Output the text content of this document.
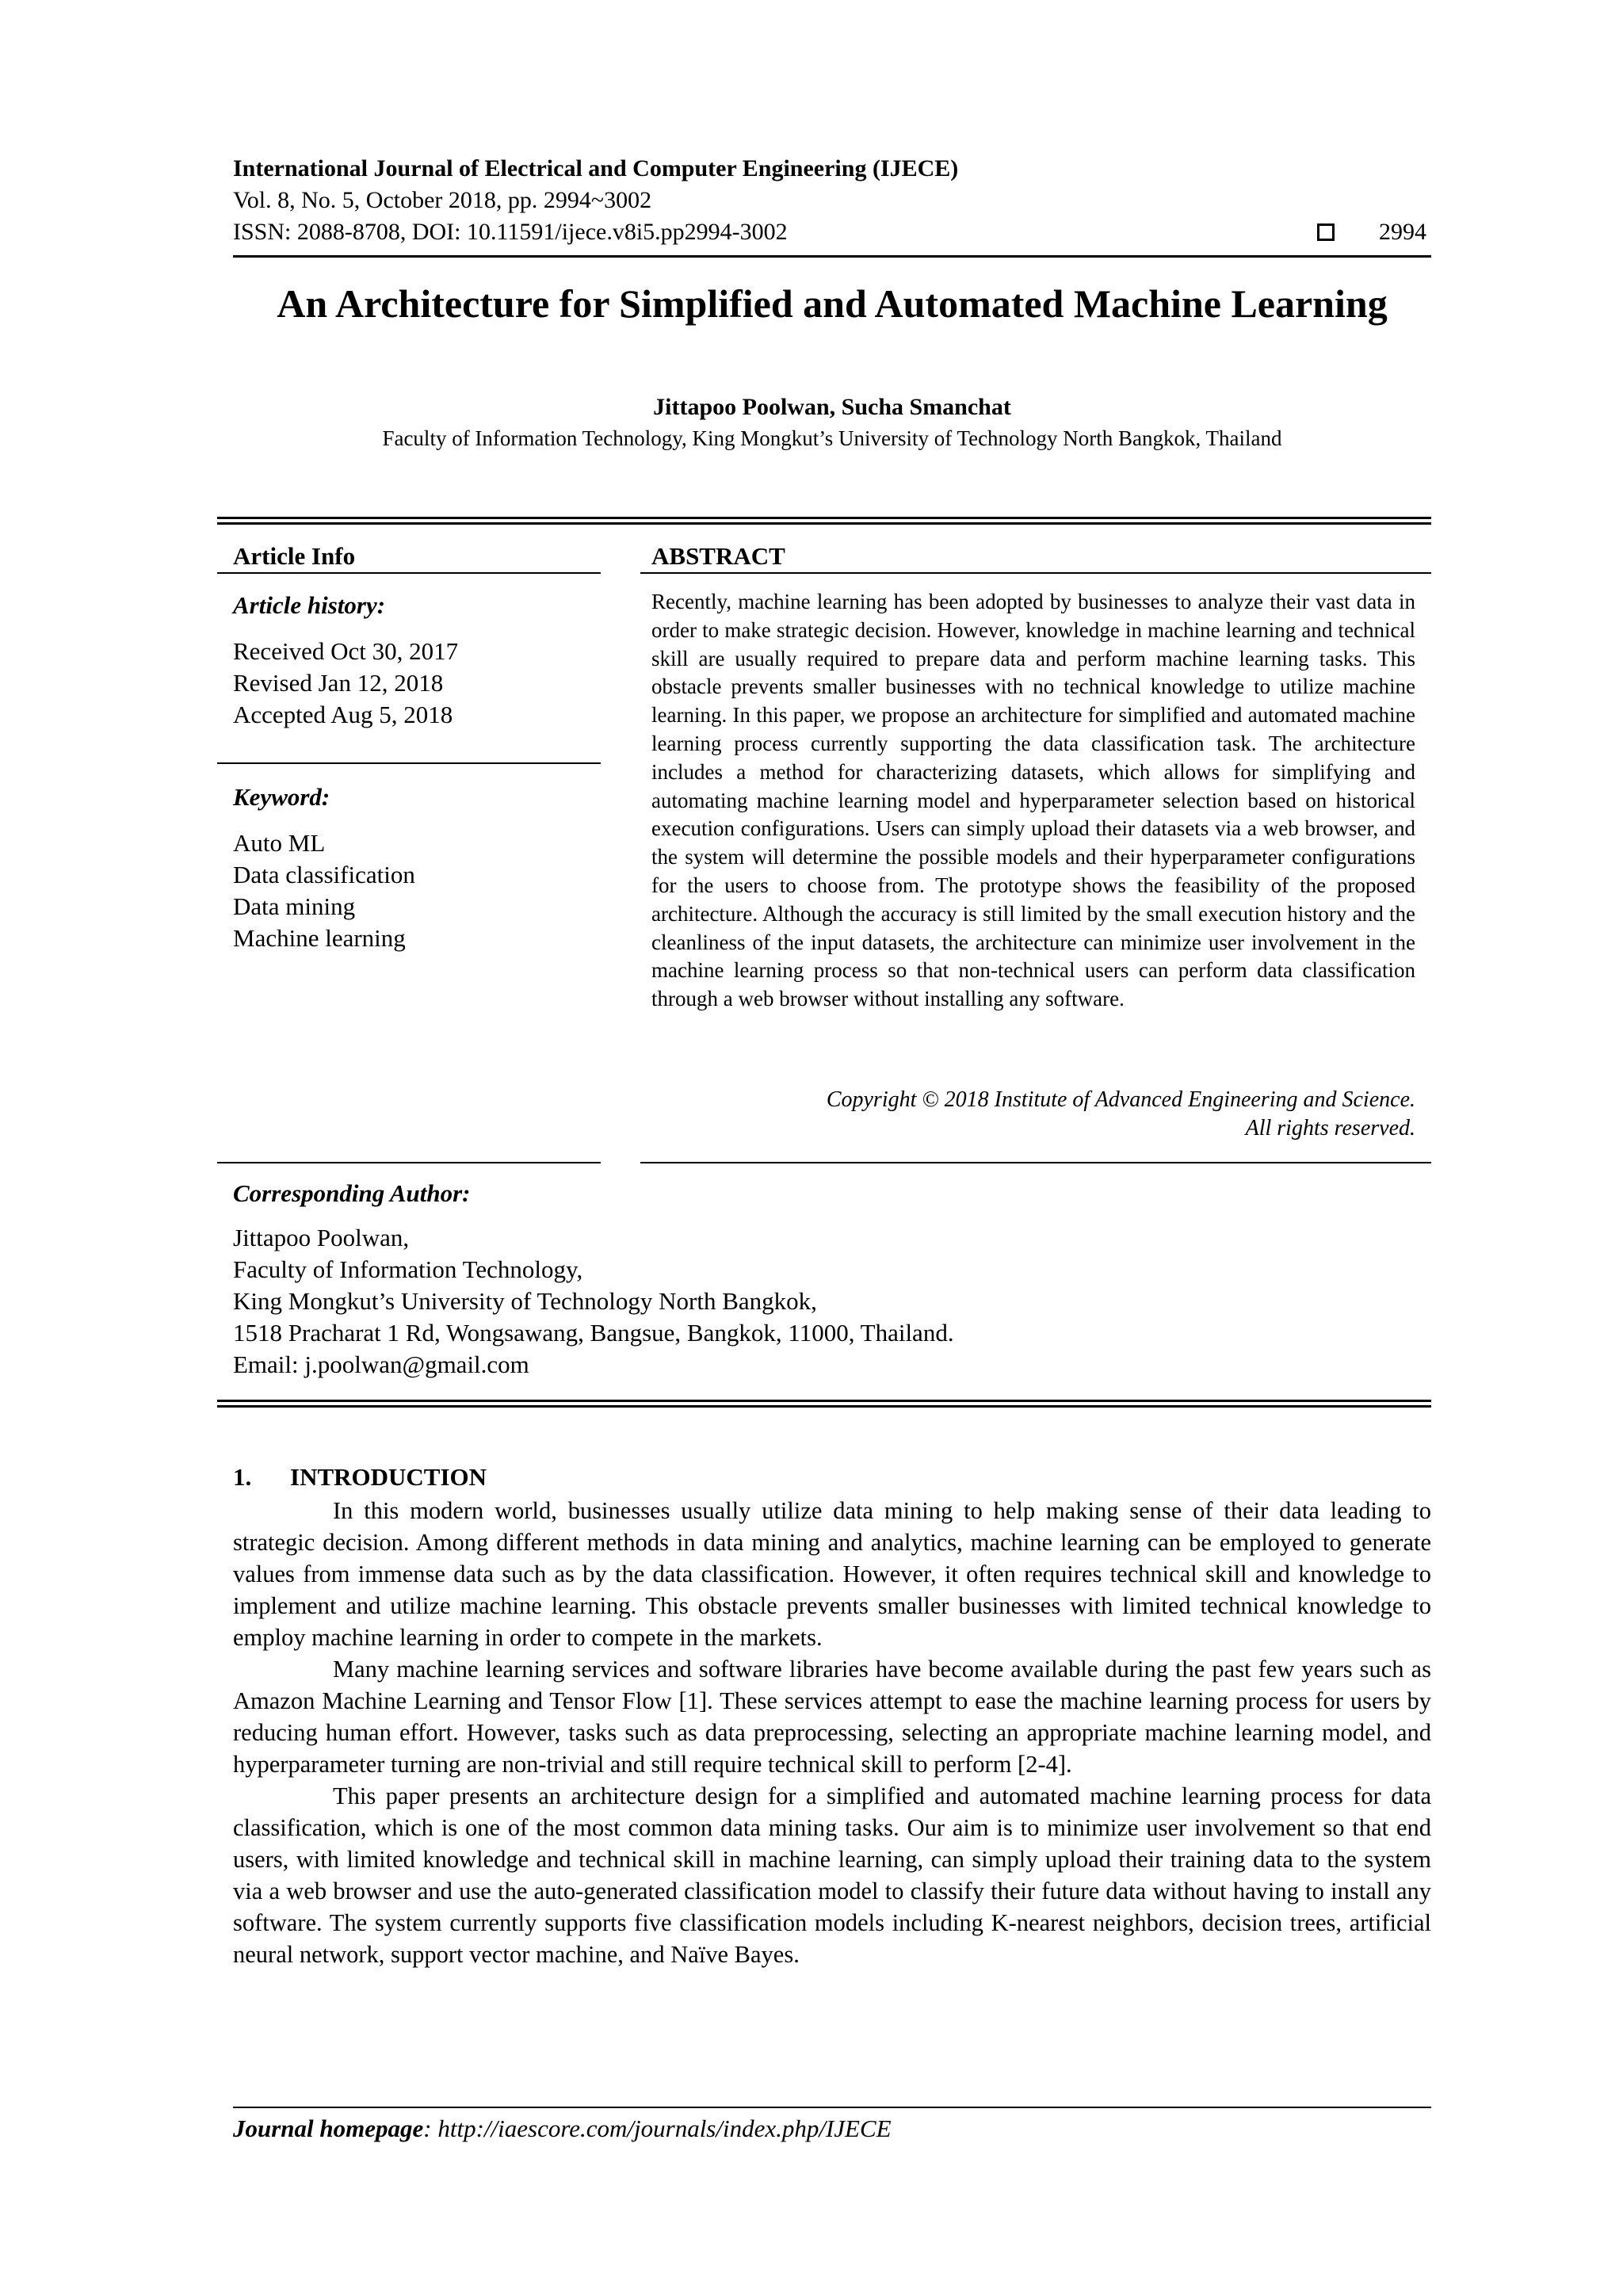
International Journal of Electrical and Computer Engineering (IJECE)
Vol. 8, No. 5, October 2018, pp. 2994~3002
ISSN: 2088-8708, DOI: 10.11591/ijece.v8i5.pp2994-3002	2994
An Architecture for Simplified and Automated Machine Learning
Jittapoo Poolwan, Sucha Smanchat
Faculty of Information Technology, King Mongkut’s University of Technology North Bangkok, Thailand
Article Info	ABSTRACT
Article history:
Received Oct 30, 2017
Revised Jan 12, 2018
Accepted Aug 5, 2018
Keyword:
Auto ML
Data classification
Data mining
Machine learning
Recently, machine learning has been adopted by businesses to analyze their vast data in order to make strategic decision. However, knowledge in machine learning and technical skill are usually required to prepare data and perform machine learning tasks. This obstacle prevents smaller businesses with no technical knowledge to utilize machine learning. In this paper, we propose an architecture for simplified and automated machine learning process currently supporting the data classification task. The architecture includes a method for characterizing datasets, which allows for simplifying and automating machine learning model and hyperparameter selection based on historical execution configurations. Users can simply upload their datasets via a web browser, and the system will determine the possible models and their hyperparameter configurations for the users to choose from. The prototype shows the feasibility of the proposed architecture. Although the accuracy is still limited by the small execution history and the cleanliness of the input datasets, the architecture can minimize user involvement in the machine learning process so that non-technical users can perform data classification through a web browser without installing any software.
Copyright © 2018 Institute of Advanced Engineering and Science.
All rights reserved.
Corresponding Author:
Jittapoo Poolwan,
Faculty of Information Technology,
King Mongkut’s University of Technology North Bangkok,
1518 Pracharat 1 Rd, Wongsawang, Bangsue, Bangkok, 11000, Thailand.
Email: j.poolwan@gmail.com
1. INTRODUCTION

In this modern world, businesses usually utilize data mining to help making sense of their data leading to strategic decision. Among different methods in data mining and analytics, machine learning can be employed to generate values from immense data such as by the data classification. However, it often requires technical skill and knowledge to implement and utilize machine learning. This obstacle prevents smaller businesses with limited technical knowledge to employ machine learning in order to compete in the markets.

Many machine learning services and software libraries have become available during the past few years such as Amazon Machine Learning and Tensor Flow [1]. These services attempt to ease the machine learning process for users by reducing human effort. However, tasks such as data preprocessing, selecting an appropriate machine learning model, and hyperparameter turning are non-trivial and still require technical skill to perform [2-4].

This paper presents an architecture design for a simplified and automated machine learning process for data classification, which is one of the most common data mining tasks. Our aim is to minimize user involvement so that end users, with limited knowledge and technical skill in machine learning, can simply upload their training data to the system via a web browser and use the auto-generated classification model to classify their future data without having to install any software. The system currently supports five classification models including K-nearest neighbors, decision trees, artificial neural network, support vector machine, and Naïve Bayes.

Journal homepage: http://iaescore.com/journals/index.php/IJECE
